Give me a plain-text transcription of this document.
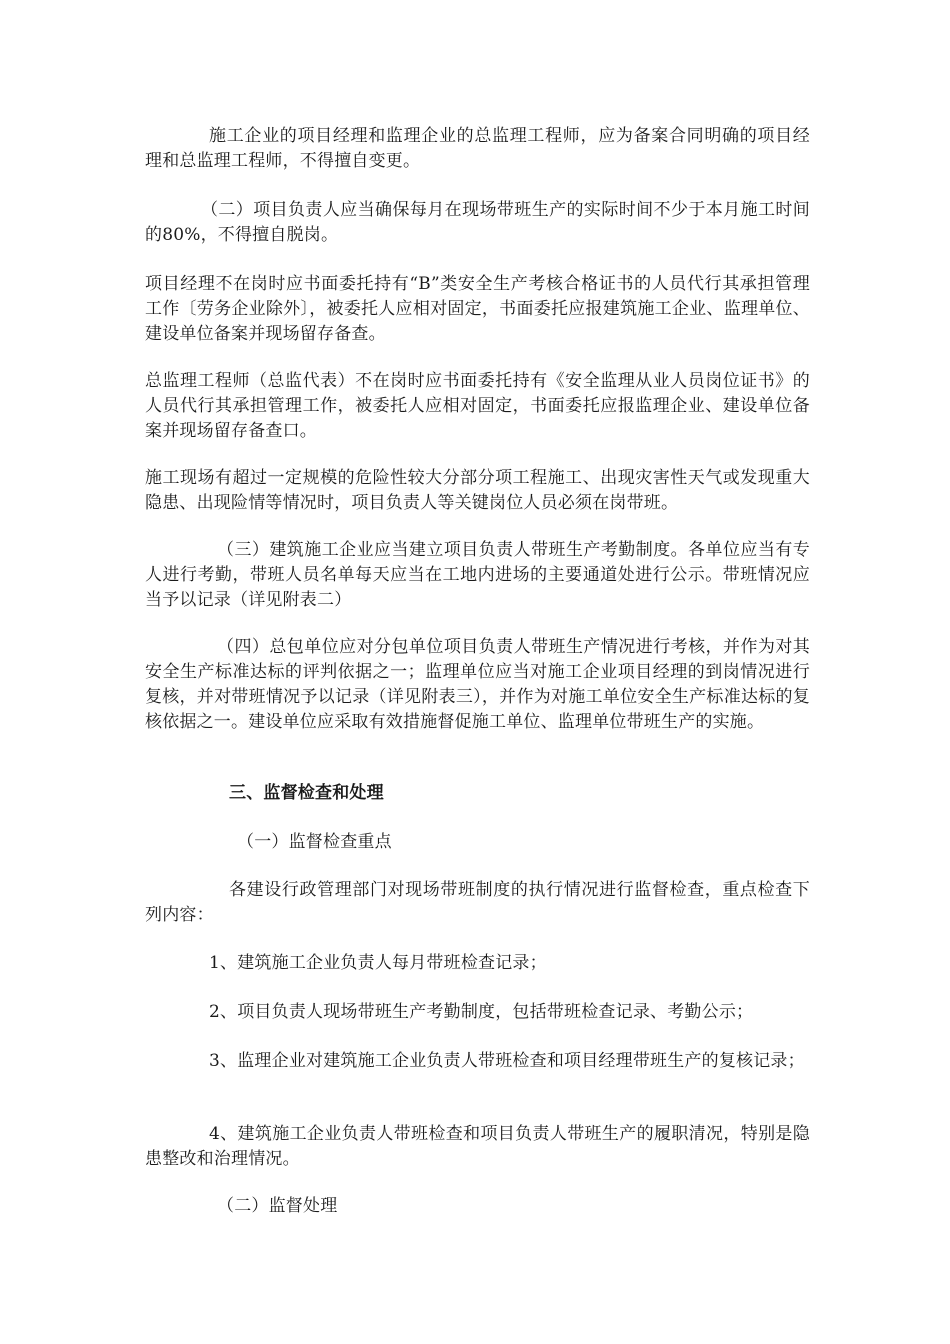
施工企业的项目经理和监理企业的总监理工程师，应为备案合同明确的项目经理和总监理工程师，不得擅自变更。

（二）项目负责人应当确保每月在现场带班生产的实际时间不少于本月施工时间的80%，不得擅自脱岗。

项目经理不在岗时应书面委托持有“B”类安全生产考核合格证书的人员代行其承担管理工作〔劳务企业除外〕，被委托人应相对固定，书面委托应报建筑施工企业、监理单位、建设单位备案并现场留存备查。

总监理工程师（总监代表）不在岗时应书面委托持有《安全监理从业人员岗位证书》的人员代行其承担管理工作，被委托人应相对固定，书面委托应报监理企业、建设单位备案并现场留存备查口。

施工现场有超过一定规模的危险性较大分部分项工程施工、出现灾害性天气或发现重大隐患、出现险情等情况时，项目负责人等关键岗位人员必须在岗带班。

（三）建筑施工企业应当建立项目负责人带班生产考勤制度。各单位应当有专人进行考勤，带班人员名单每天应当在工地内进场的主要通道处进行公示。带班情况应当予以记录（详见附表二）

（四）总包单位应对分包单位项目负责人带班生产情况进行考核，并作为对其安全生产标准达标的评判依据之一；监理单位应当对施工企业项目经理的到岗情况进行复核，并对带班情况予以记录（详见附表三），并作为对施工单位安全生产标准达标的复核依据之一。建设单位应采取有效措施督促施工单位、监理单位带班生产的实施。

三、监督检查和处理

（一）监督检查重点

各建设行政管理部门对现场带班制度的执行情况进行监督检查，重点检查下列内容：

1、建筑施工企业负责人每月带班检查记录；

2、项目负责人现场带班生产考勤制度，包括带班检查记录、考勤公示；

3、监理企业对建筑施工企业负责人带班检查和项目经理带班生产的复核记录；

4、建筑施工企业负责人带班检查和项目负责人带班生产的履职清况，特别是隐患整改和治理情况。

（二）监督处理
